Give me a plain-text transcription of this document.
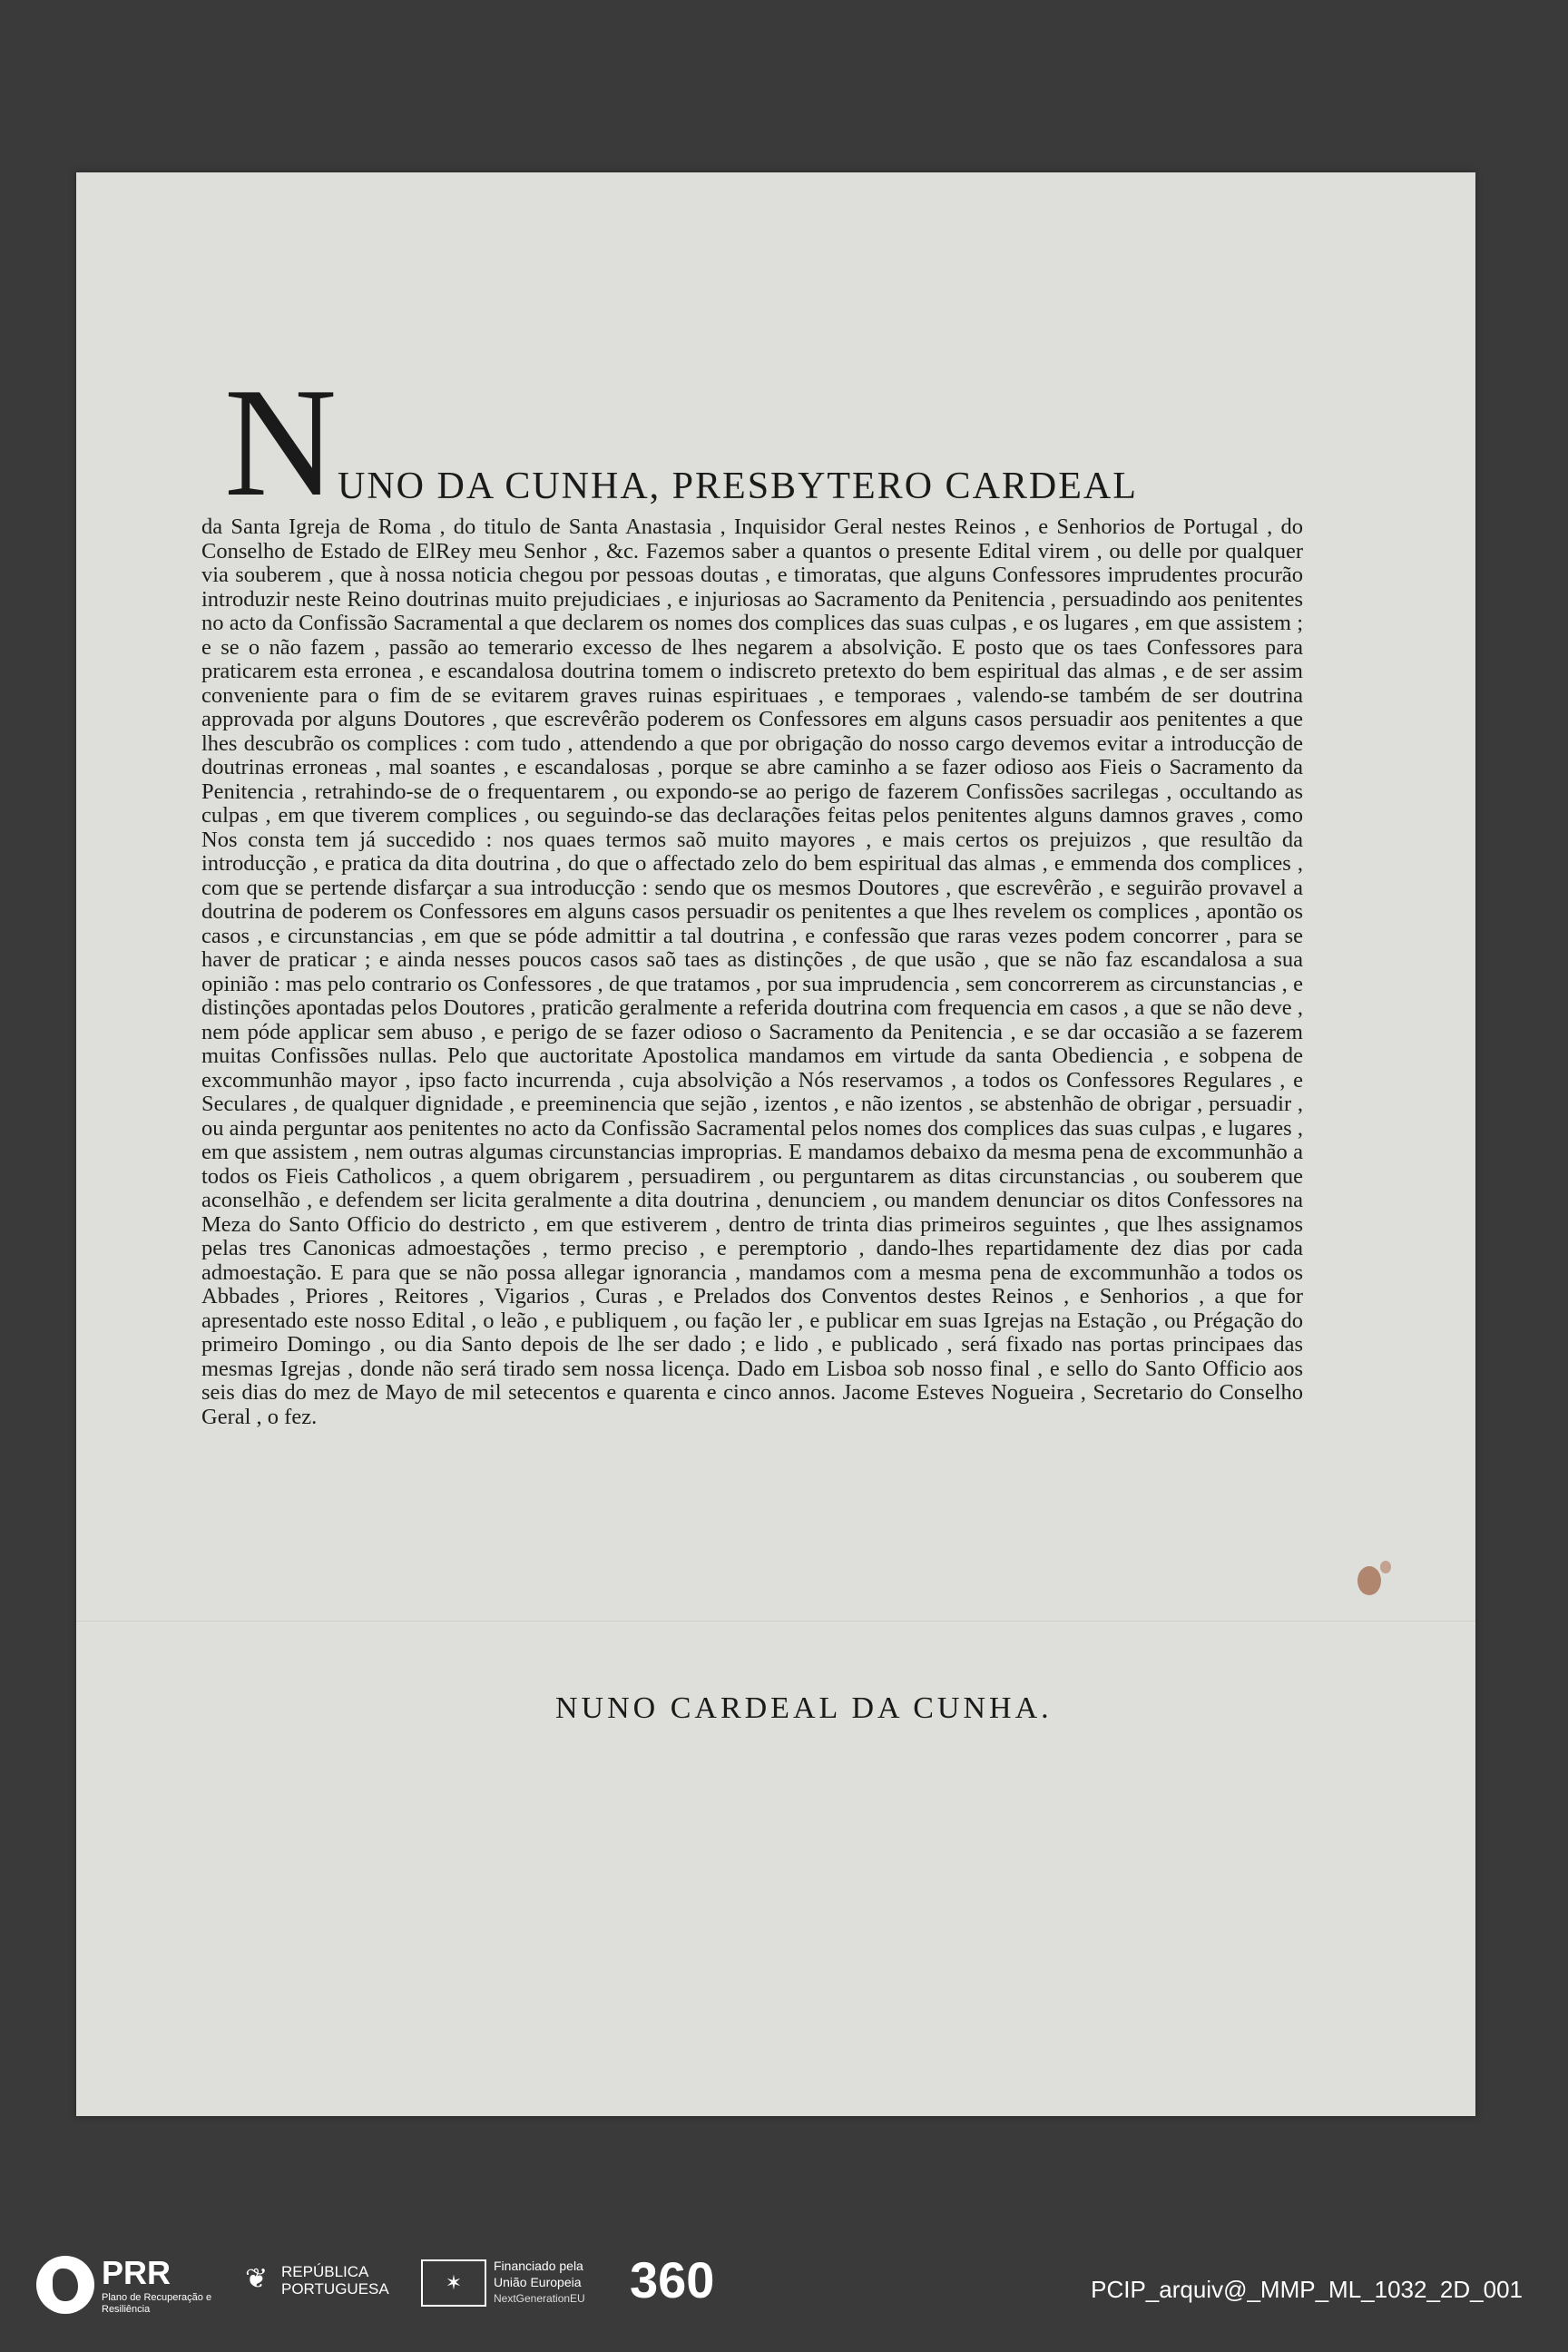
N UNO DA CUNHA, PRESBYTERO CARDEAL
da Santa Igreja de Roma , do titulo de Santa Anastasia , Inquisidor Geral nestes Reinos , e Senhorios de Portugal , do Conselho de Estado de ElRey meu Senhor , &c. Fazemos saber a quantos o presente Edital virem , ou delle por qualquer via souberem , que à nossa noticia chegou por pessoas doutas , e timoratas, que alguns Confessores imprudentes procurão introduzir neste Reino doutrinas muito prejudiciaes , e injuriosas ao Sacramento da Penitencia , persuadindo aos penitentes no acto da Confissão Sacramental a que declarem os nomes dos complices das suas culpas , e os lugares , em que assistem ; e se o não fazem , passão ao temerario excesso de lhes negarem a absolvição. E posto que os taes Confessores para praticarem esta erronea , e escandalosa doutrina tomem o indiscreto pretexto do bem espiritual das almas , e de ser assim conveniente para o fim de se evitarem graves ruinas espirituaes , e temporaes , valendo-se também de ser doutrina approvada por alguns Doutores , que escrevêrão poderem os Confessores em alguns casos persuadir aos penitentes a que lhes descubrão os complices : com tudo , attendendo a que por obrigação do nosso cargo devemos evitar a introducção de doutrinas erroneas , mal soantes , e escandalosas , porque se abre caminho a se fazer odioso aos Fieis o Sacramento da Penitencia , retrahindo-se de o frequentarem , ou expondo-se ao perigo de fazerem Confissões sacrilegas , occultando as culpas , em que tiverem complices , ou seguindo-se das declarações feitas pelos penitentes alguns damnos graves , como Nos consta tem já succedido : nos quaes termos saõ muito mayores , e mais certos os prejuizos , que resultão da introducção , e pratica da dita doutrina , do que o affectado zelo do bem espiritual das almas , e emmenda dos complices , com que se pertende disfarçar a sua introducção : sendo que os mesmos Doutores , que escrevêrão , e seguirão provavel a doutrina de poderem os Confessores em alguns casos persuadir os penitentes a que lhes revelem os complices , apontão os casos , e circunstancias , em que se póde admittir a tal doutrina , e confessão que raras vezes podem concorrer , para se haver de praticar ; e ainda nesses poucos casos saõ taes as distinções , de que usão , que se não faz escandalosa a sua opinião : mas pelo contrario os Confessores , de que tratamos , por sua imprudencia , sem concorrerem as circunstancias , e distinções apontadas pelos Doutores , praticão geralmente a referida doutrina com frequencia em casos , a que se não deve , nem póde applicar sem abuso , e perigo de se fazer odioso o Sacramento da Penitencia , e se dar occasião a se fazerem muitas Confissões nullas. Pelo que auctoritate Apostolica mandamos em virtude da santa Obediencia , e sobpena de excommunhão mayor , ipso facto incurrenda , cuja absolvição a Nós reservamos , a todos os Confessores Regulares , e Seculares , de qualquer dignidade , e preeminencia que sejão , izentos , e não izentos , se abstenhão de obrigar , persuadir , ou ainda perguntar aos penitentes no acto da Confissão Sacramental pelos nomes dos complices das suas culpas , e lugares , em que assistem , nem outras algumas circunstancias improprias. E mandamos debaixo da mesma pena de excommunhão a todos os Fieis Catholicos , a quem obrigarem , persuadirem , ou perguntarem as ditas circunstancias , ou souberem que aconselhão , e defendem ser licita geralmente a dita doutrina , denunciem , ou mandem denunciar os ditos Confessores na Meza do Santo Officio do destricto , em que estiverem , dentro de trinta dias primeiros seguintes , que lhes assignamos pelas tres Canonicas admoestações , termo preciso , e peremptorio , dando-lhes repartidamente dez dias por cada admoestação. E para que se não possa allegar ignorancia , mandamos com a mesma pena de excommunhão a todos os Abbades , Priores , Reitores , Vigarios , Curas , e Prelados dos Conventos destes Reinos , e Senhorios , a que for apresentado este nosso Edital , o leão , e publiquem , ou fação ler , e publicar em suas Igrejas na Estação , ou Prégação do primeiro Domingo , ou dia Santo depois de lhe ser dado ; e lido , e publicado , será fixado nas portas principaes das mesmas Igrejas , donde não será tirado sem nossa licença. Dado em Lisboa sob nosso final , e sello do Santo Officio aos seis dias do mez de Mayo de mil setecentos e quarenta e cinco annos. Jacome Esteves Nogueira , Secretario do Conselho Geral , o fez.
NUNO CARDEAL DA CUNHA.
PRR
Plano de Recuperação e Resiliência
❦ REPÚBLICA PORTUGUESA	✶
Financiado pela
União Europeia
NextGenerationEU 360	PCIP_arquiv@_MMP_ML_1032_2D_001
